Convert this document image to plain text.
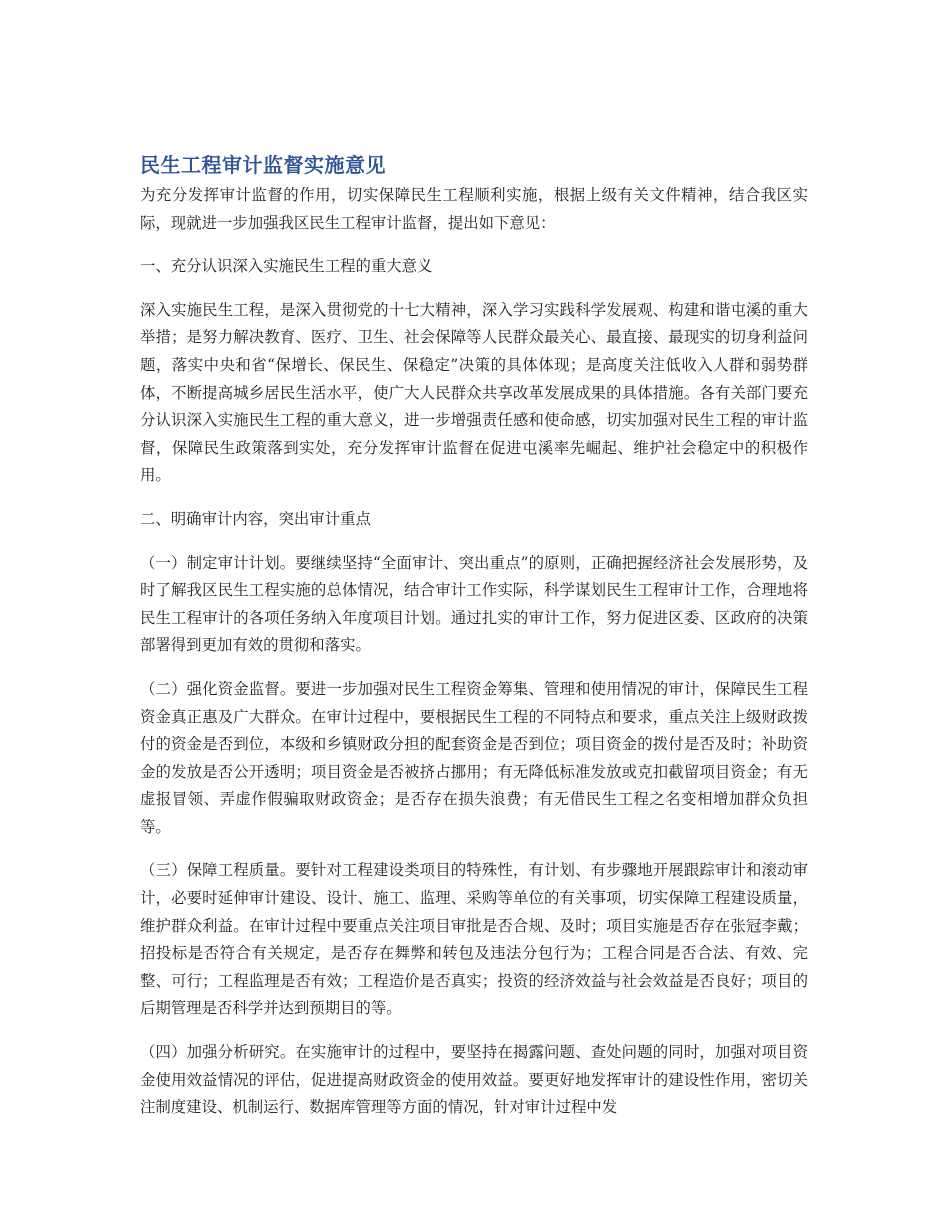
民生工程审计监督实施意见

为充分发挥审计监督的作用，切实保障民生工程顺利实施，根据上级有关文件精神，结合我区实际，现就进一步加强我区民生工程审计监督，提出如下意见：

一、充分认识深入实施民生工程的重大意义

深入实施民生工程，是深入贯彻党的十七大精神，深入学习实践科学发展观、构建和谐屯溪的重大举措；是努力解决教育、医疗、卫生、社会保障等人民群众最关心、最直接、最现实的切身利益问题，落实中央和省“保增长、保民生、保稳定”决策的具体体现；是高度关注低收入人群和弱势群体，不断提高城乡居民生活水平，使广大人民群众共享改革发展成果的具体措施。各有关部门要充分认识深入实施民生工程的重大意义，进一步增强责任感和使命感，切实加强对民生工程的审计监督，保障民生政策落到实处，充分发挥审计监督在促进屯溪率先崛起、维护社会稳定中的积极作用。

二、明确审计内容，突出审计重点

（一）制定审计计划。要继续坚持“全面审计、突出重点”的原则，正确把握经济社会发展形势，及时了解我区民生工程实施的总体情况，结合审计工作实际，科学谋划民生工程审计工作，合理地将民生工程审计的各项任务纳入年度项目计划。通过扎实的审计工作，努力促进区委、区政府的决策部署得到更加有效的贯彻和落实。

（二）强化资金监督。要进一步加强对民生工程资金筹集、管理和使用情况的审计，保障民生工程资金真正惠及广大群众。在审计过程中，要根据民生工程的不同特点和要求，重点关注上级财政拨付的资金是否到位，本级和乡镇财政分担的配套资金是否到位；项目资金的拨付是否及时；补助资金的发放是否公开透明；项目资金是否被挤占挪用；有无降低标准发放或克扣截留项目资金；有无虚报冒领、弄虚作假骗取财政资金；是否存在损失浪费；有无借民生工程之名变相增加群众负担等。

（三）保障工程质量。要针对工程建设类项目的特殊性，有计划、有步骤地开展跟踪审计和滚动审计，必要时延伸审计建设、设计、施工、监理、采购等单位的有关事项，切实保障工程建设质量，维护群众利益。在审计过程中要重点关注项目审批是否合规、及时；项目实施是否存在张冠李戴；招投标是否符合有关规定，是否存在舞弊和转包及违法分包行为；工程合同是否合法、有效、完整、可行；工程监理是否有效；工程造价是否真实；投资的经济效益与社会效益是否良好；项目的后期管理是否科学并达到预期目的等。

（四）加强分析研究。在实施审计的过程中，要坚持在揭露问题、查处问题的同时，加强对项目资金使用效益情况的评估，促进提高财政资金的使用效益。要更好地发挥审计的建设性作用，密切关注制度建设、机制运行、数据库管理等方面的情况，针对审计过程中发
